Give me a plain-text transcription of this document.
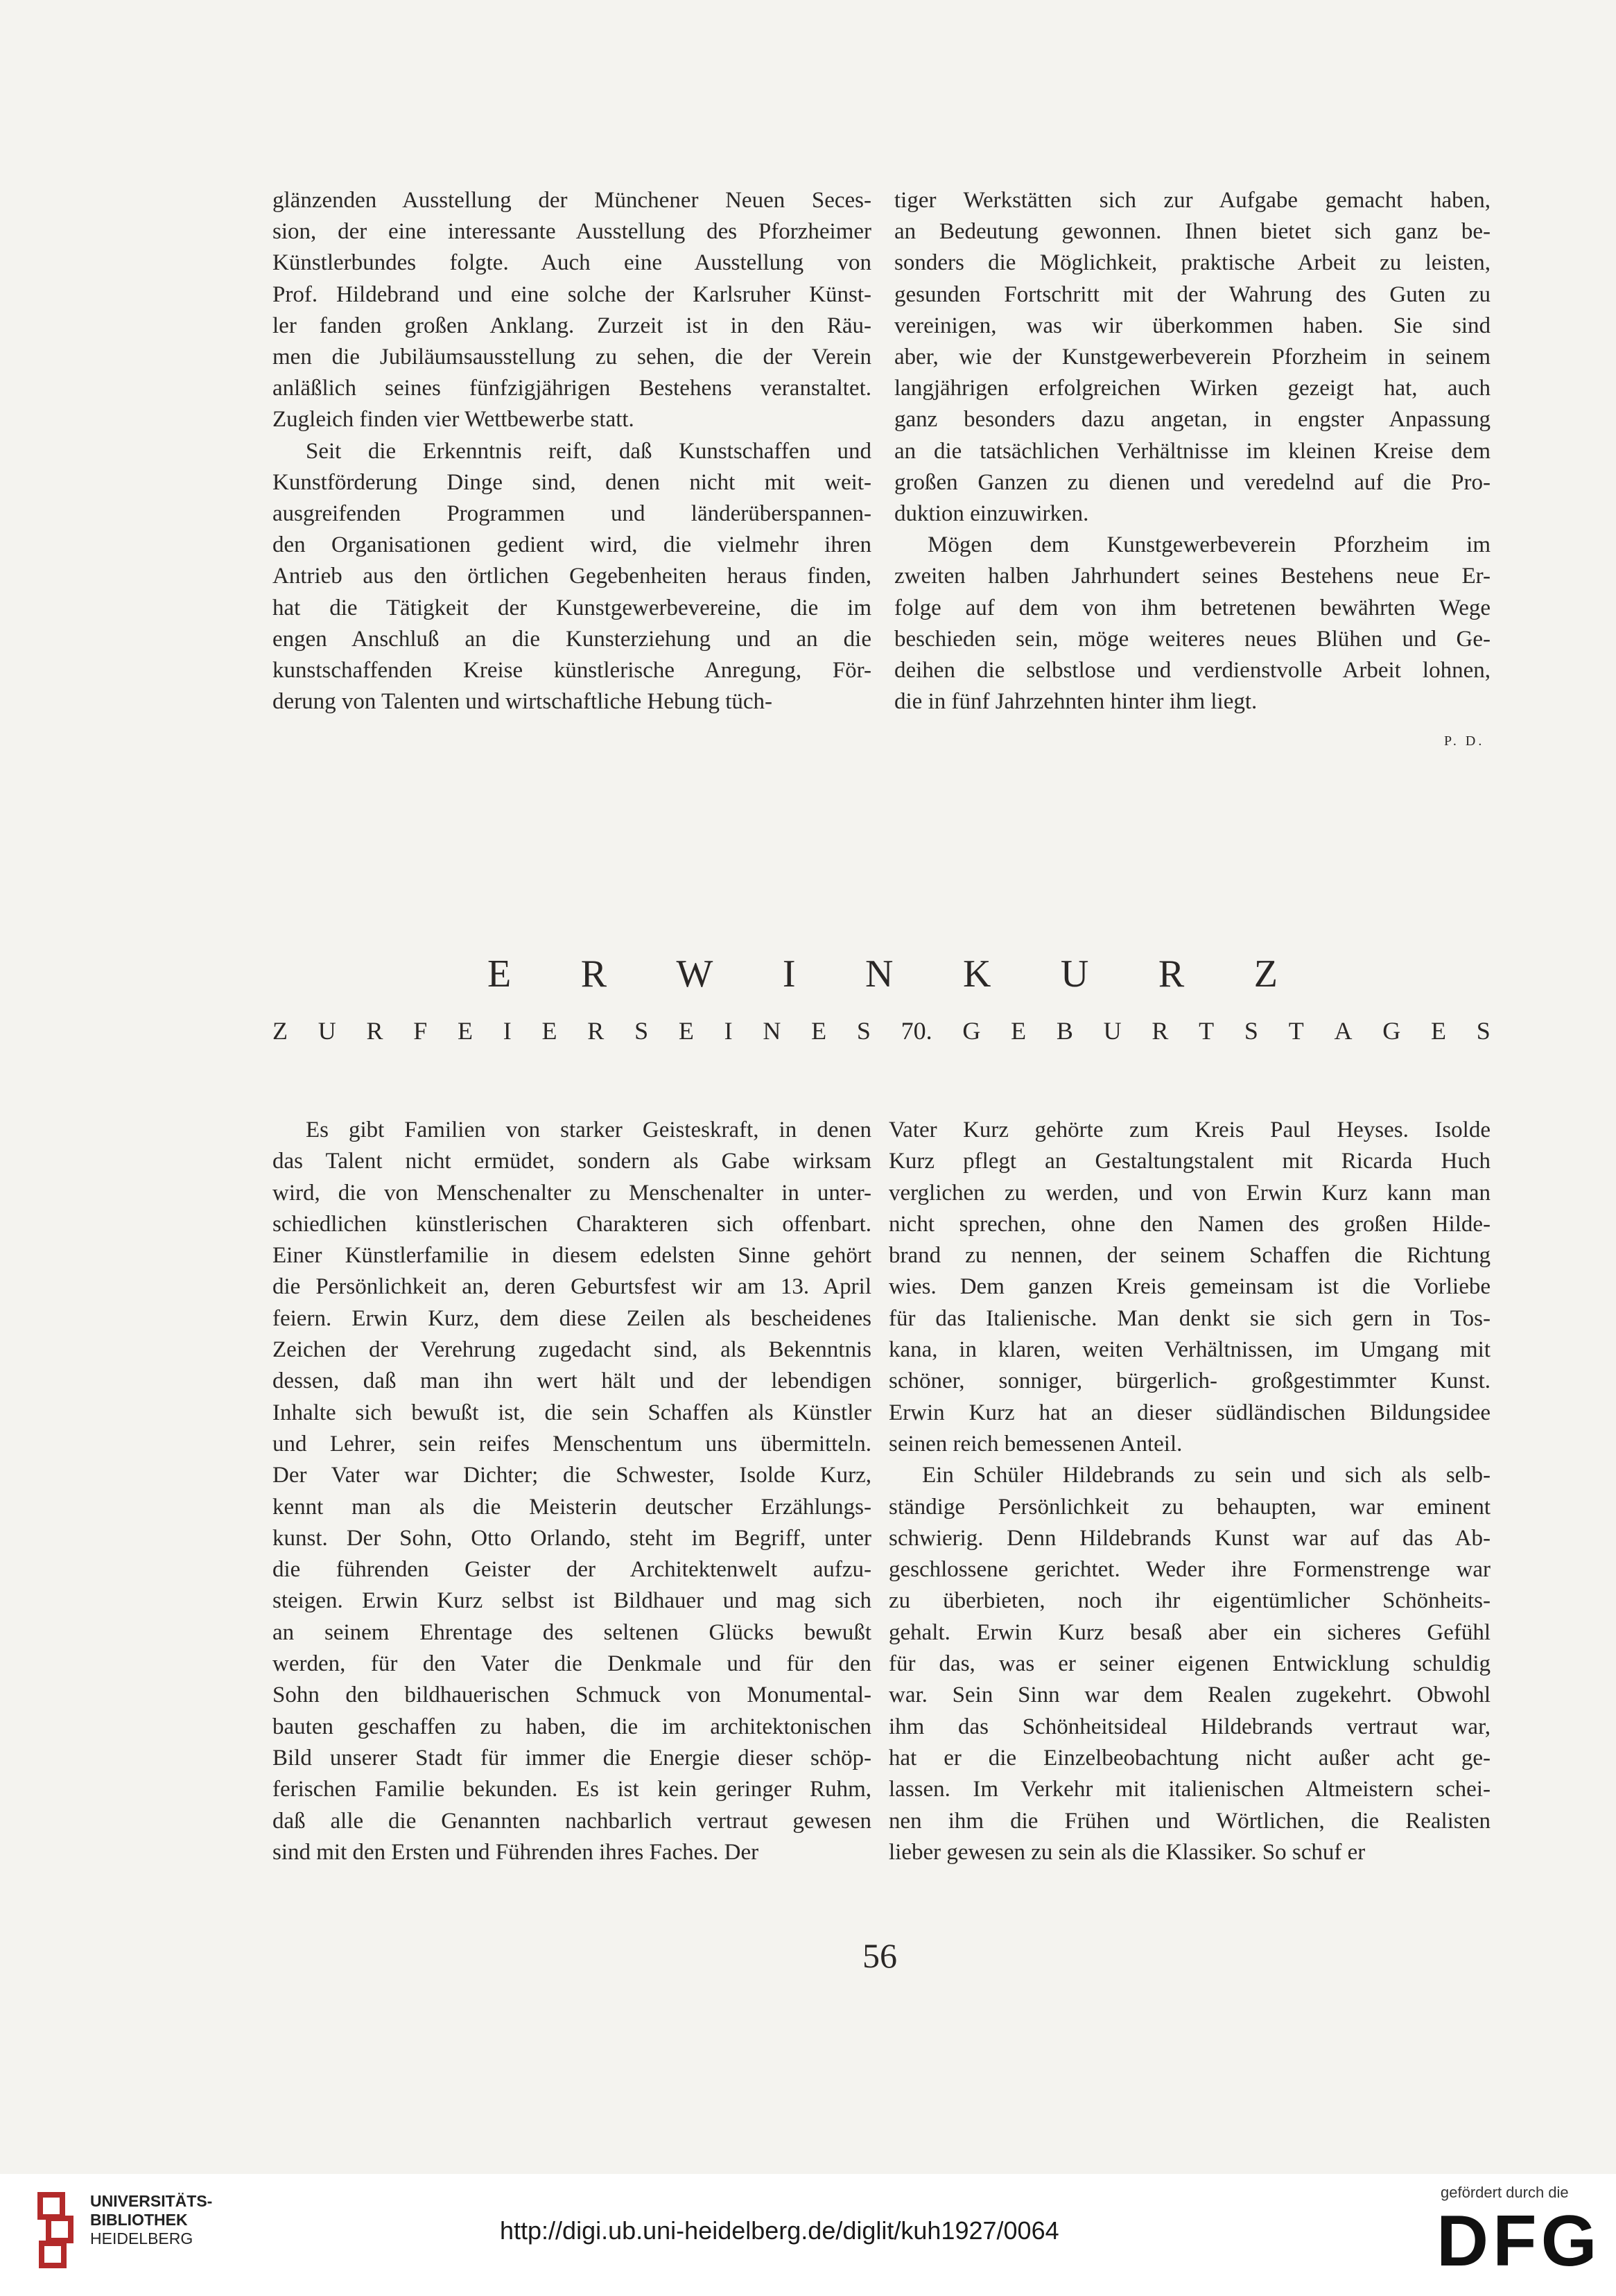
glänzenden Ausstellung der Münchener Neuen Seces-

sion, der eine interessante Ausstellung des Pforzheimer

Künstlerbundes folgte. Auch eine Ausstellung von

Prof. Hildebrand und eine solche der Karlsruher Künst-

ler fanden großen Anklang. Zurzeit ist in den Räu-

men die Jubiläumsausstellung zu sehen, die der Verein

anläßlich seines fünfzigjährigen Bestehens veranstaltet.

Zugleich finden vier Wettbewerbe statt.

Seit die Erkenntnis reift, daß Kunstschaffen und

Kunstförderung Dinge sind, denen nicht mit weit-

ausgreifenden Programmen und länderüberspannen-

den Organisationen gedient wird, die vielmehr ihren

Antrieb aus den örtlichen Gegebenheiten heraus finden,

hat die Tätigkeit der Kunstgewerbevereine, die im

engen Anschluß an die Kunsterziehung und an die

kunstschaffenden Kreise künstlerische Anregung, För-

derung von Talenten und wirtschaftliche Hebung tüch-

tiger Werkstätten sich zur Aufgabe gemacht haben,

an Bedeutung gewonnen. Ihnen bietet sich ganz be-

sonders die Möglichkeit, praktische Arbeit zu leisten,

gesunden Fortschritt mit der Wahrung des Guten zu

vereinigen, was wir überkommen haben. Sie sind

aber, wie der Kunstgewerbeverein Pforzheim in seinem

langjährigen erfolgreichen Wirken gezeigt hat, auch

ganz besonders dazu angetan, in engster Anpassung

an die tatsächlichen Verhältnisse im kleinen Kreise dem

großen Ganzen zu dienen und veredelnd auf die Pro-

duktion einzuwirken.

Mögen dem Kunstgewerbeverein Pforzheim im

zweiten halben Jahrhundert seines Bestehens neue Er-

folge auf dem von ihm betretenen bewährten Wege

beschieden sein, möge weiteres neues Blühen und Ge-

deihen die selbstlose und verdienstvolle Arbeit lohnen,

die in fünf Jahrzehnten hinter ihm liegt.

P. D.
E R W I N K U R Z
Z U R F E I E R S E I N E S 70. G E B U R T S T A G E S

Es gibt Familien von starker Geisteskraft, in denen

das Talent nicht ermüdet, sondern als Gabe wirksam

wird, die von Menschenalter zu Menschenalter in unter-

schiedlichen künstlerischen Charakteren sich offenbart.

Einer Künstlerfamilie in diesem edelsten Sinne gehört

die Persönlichkeit an, deren Geburtsfest wir am 13. April

feiern. Erwin Kurz, dem diese Zeilen als bescheidenes

Zeichen der Verehrung zugedacht sind, als Bekenntnis

dessen, daß man ihn wert hält und der lebendigen

Inhalte sich bewußt ist, die sein Schaffen als Künstler

und Lehrer, sein reifes Menschentum uns übermitteln.

Der Vater war Dichter; die Schwester, Isolde Kurz,

kennt man als die Meisterin deutscher Erzählungs-

kunst. Der Sohn, Otto Orlando, steht im Begriff, unter

die führenden Geister der Architektenwelt aufzu-

steigen. Erwin Kurz selbst ist Bildhauer und mag sich

an seinem Ehrentage des seltenen Glücks bewußt

werden, für den Vater die Denkmale und für den

Sohn den bildhauerischen Schmuck von Monumental-

bauten geschaffen zu haben, die im architektonischen

Bild unserer Stadt für immer die Energie dieser schöp-

ferischen Familie bekunden. Es ist kein geringer Ruhm,

daß alle die Genannten nachbarlich vertraut gewesen

sind mit den Ersten und Führenden ihres Faches. Der

Vater Kurz gehörte zum Kreis Paul Heyses. Isolde

Kurz pflegt an Gestaltungstalent mit Ricarda Huch

verglichen zu werden, und von Erwin Kurz kann man

nicht sprechen, ohne den Namen des großen Hilde-

brand zu nennen, der seinem Schaffen die Richtung

wies. Dem ganzen Kreis gemeinsam ist die Vorliebe

für das Italienische. Man denkt sie sich gern in Tos-

kana, in klaren, weiten Verhältnissen, im Umgang mit

schöner, sonniger, bürgerlich- großgestimmter Kunst.

Erwin Kurz hat an dieser südländischen Bildungsidee

seinen reich bemessenen Anteil.

Ein Schüler Hildebrands zu sein und sich als selb-

ständige Persönlichkeit zu behaupten, war eminent

schwierig. Denn Hildebrands Kunst war auf das Ab-

geschlossene gerichtet. Weder ihre Formenstrenge war

zu überbieten, noch ihr eigentümlicher Schönheits-

gehalt. Erwin Kurz besaß aber ein sicheres Gefühl

für das, was er seiner eigenen Entwicklung schuldig

war. Sein Sinn war dem Realen zugekehrt. Obwohl

ihm das Schönheitsideal Hildebrands vertraut war,

hat er die Einzelbeobachtung nicht außer acht ge-

lassen. Im Verkehr mit italienischen Altmeistern schei-

nen ihm die Frühen und Wörtlichen, die Realisten

lieber gewesen zu sein als die Klassiker. So schuf er

56
UNIVERSITÄTS-
BIBLIOTHEK
HEIDELBERG	http://digi.ub.uni-heidelberg.de/diglit/kuh1927/0064
gefördert durch die
DFG
